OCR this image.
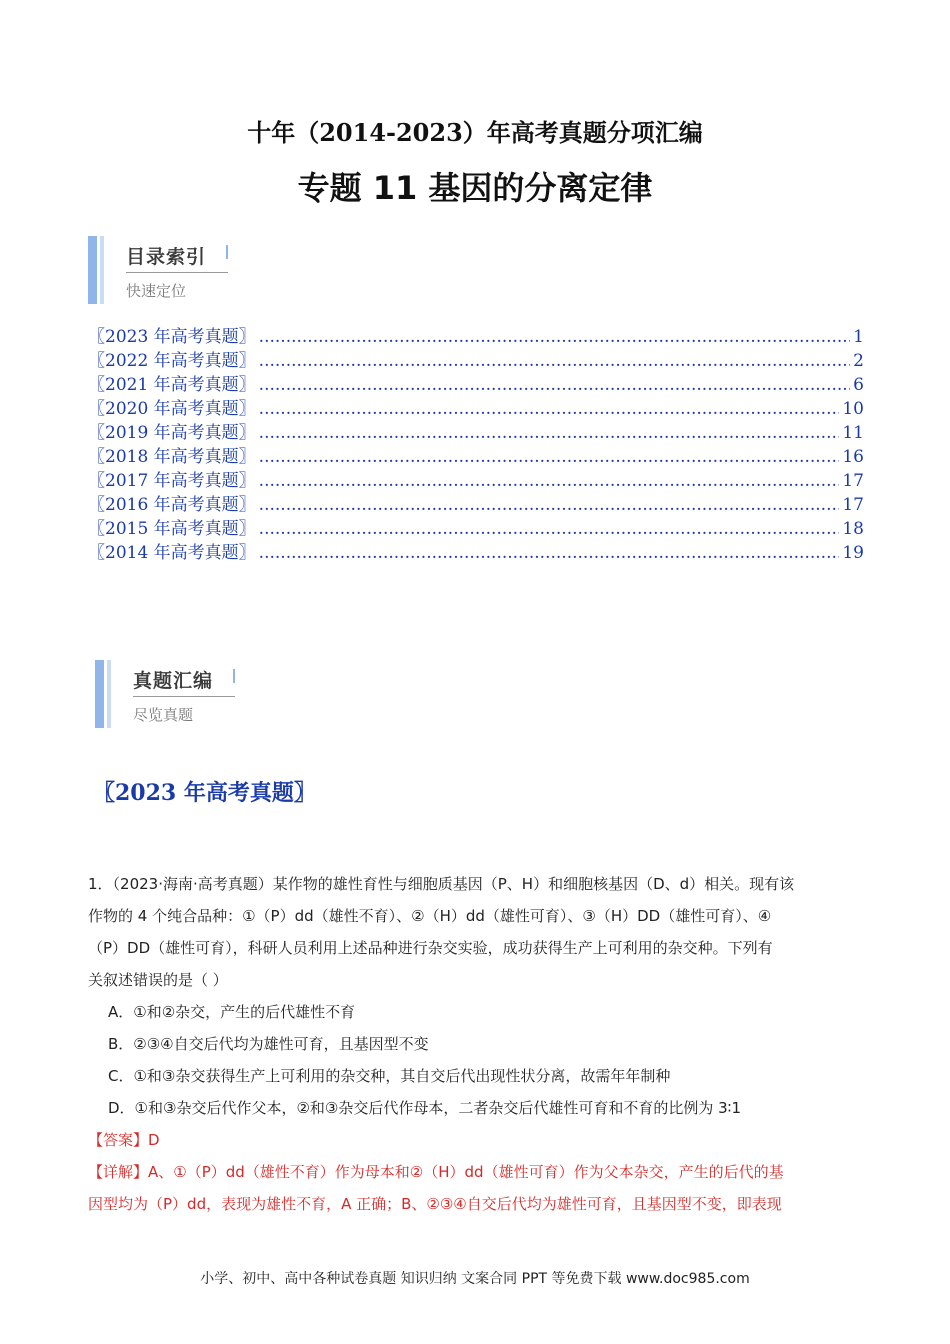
十年（2014-2023）年高考真题分项汇编
专题 11 基因的分离定律
目录索引
快速定位
〖2023 年高考真题〗 .....	1
〖2022 年高考真题〗 .....	2
〖2021 年高考真题〗 .....	6
〖2020 年高考真题〗 .....	10
〖2019 年高考真题〗 .....	11
〖2018 年高考真题〗 .....	16
〖2017 年高考真题〗 .....	17
〖2016 年高考真题〗 .....	17
〖2015 年高考真题〗 .....	18
〖2014 年高考真题〗 .....	19
真题汇编
尽览真题
〖2023 年高考真题〗

1．（2023·海南·高考真题）某作物的雄性育性与细胞质基因（P、H）和细胞核基因（D、d）相关。现有该

作物的 4 个纯合品种：①（P）dd（雄性不育）、②（H）dd（雄性可育）、③（H）DD（雄性可育）、④

（P）DD（雄性可育），科研人员利用上述品种进行杂交实验，成功获得生产上可利用的杂交种。下列有

关叙述错误的是（ ）

A．①和②杂交，产生的后代雄性不育

B．②③④自交后代均为雄性可育，且基因型不变

C．①和③杂交获得生产上可利用的杂交种，其自交后代出现性状分离，故需年年制种

D．①和③杂交后代作父本，②和③杂交后代作母本，二者杂交后代雄性可育和不育的比例为 3∶1

【答案】D

【详解】A、①（P）dd（雄性不育）作为母本和②（H）dd（雄性可育）作为父本杂交，产生的后代的基

因型均为（P）dd，表现为雄性不育，A 正确；B、②③④自交后代均为雄性可育，且基因型不变，即表现

小学、初中、高中各种试卷真题 知识归纳 文案合同 PPT 等免费下载 www.doc985.com
